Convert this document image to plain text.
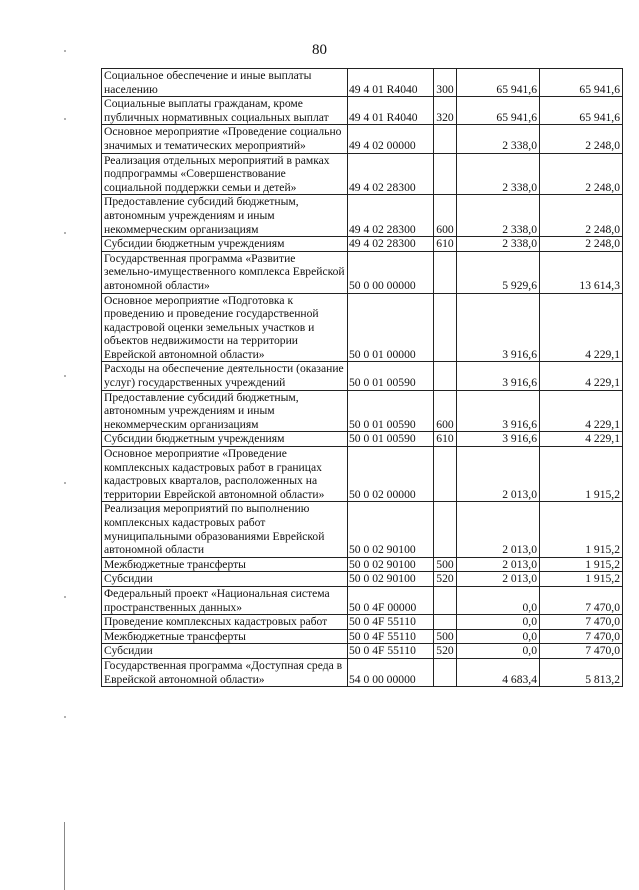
80
Социальное обеспечение и иные выплаты населению	49 4 01 R4040	300	65 941,6	65 941,6
Социальные выплаты гражданам, кроме публичных нормативных социальных выплат	49 4 01 R4040	320	65 941,6	65 941,6
Основное мероприятие «Проведение социально значимых и тематических мероприятий»	49 4 02 00000		2 338,0	2 248,0
Реализация отдельных мероприятий в рамках подпрограммы «Совершенствование социальной поддержки семьи и детей»	49 4 02 28300		2 338,0	2 248,0
Предоставление субсидий бюджетным, автономным учреждениям и иным некоммерческим организациям	49 4 02 28300	600	2 338,0	2 248,0
Субсидии бюджетным учреждениям	49 4 02 28300	610	2 338,0	2 248,0
Государственная программа «Развитие земельно-имущественного комплекса Еврейской автономной области»	50 0 00 00000		5 929,6	13 614,3
Основное мероприятие «Подготовка к проведению и проведение государственной кадастровой оценки земельных участков и объектов недвижимости на территории Еврейской автономной области»	50 0 01 00000		3 916,6	4 229,1
Расходы на обеспечение деятельности (оказание услуг) государственных учреждений	50 0 01 00590		3 916,6	4 229,1
Предоставление субсидий бюджетным, автономным учреждениям и иным некоммерческим организациям	50 0 01 00590	600	3 916,6	4 229,1
Субсидии бюджетным учреждениям	50 0 01 00590	610	3 916,6	4 229,1
Основное мероприятие «Проведение комплексных кадастровых работ в границах кадастровых кварталов, расположенных на территории Еврейской автономной области»	50 0 02 00000		2 013,0	1 915,2
Реализация мероприятий по выполнению комплексных кадастровых работ муниципальными образованиями Еврейской автономной области	50 0 02 90100		2 013,0	1 915,2
Межбюджетные трансферты	50 0 02 90100	500	2 013,0	1 915,2
Субсидии	50 0 02 90100	520	2 013,0	1 915,2
Федеральный проект «Национальная система пространственных данных»	50 0 4F 00000		0,0	7 470,0
Проведение комплексных кадастровых работ	50 0 4F 55110		0,0	7 470,0
Межбюджетные трансферты	50 0 4F 55110	500	0,0	7 470,0
Субсидии	50 0 4F 55110	520	0,0	7 470,0
Государственная программа «Доступная среда в Еврейской автономной области»	54 0 00 00000		4 683,4	5 813,2
